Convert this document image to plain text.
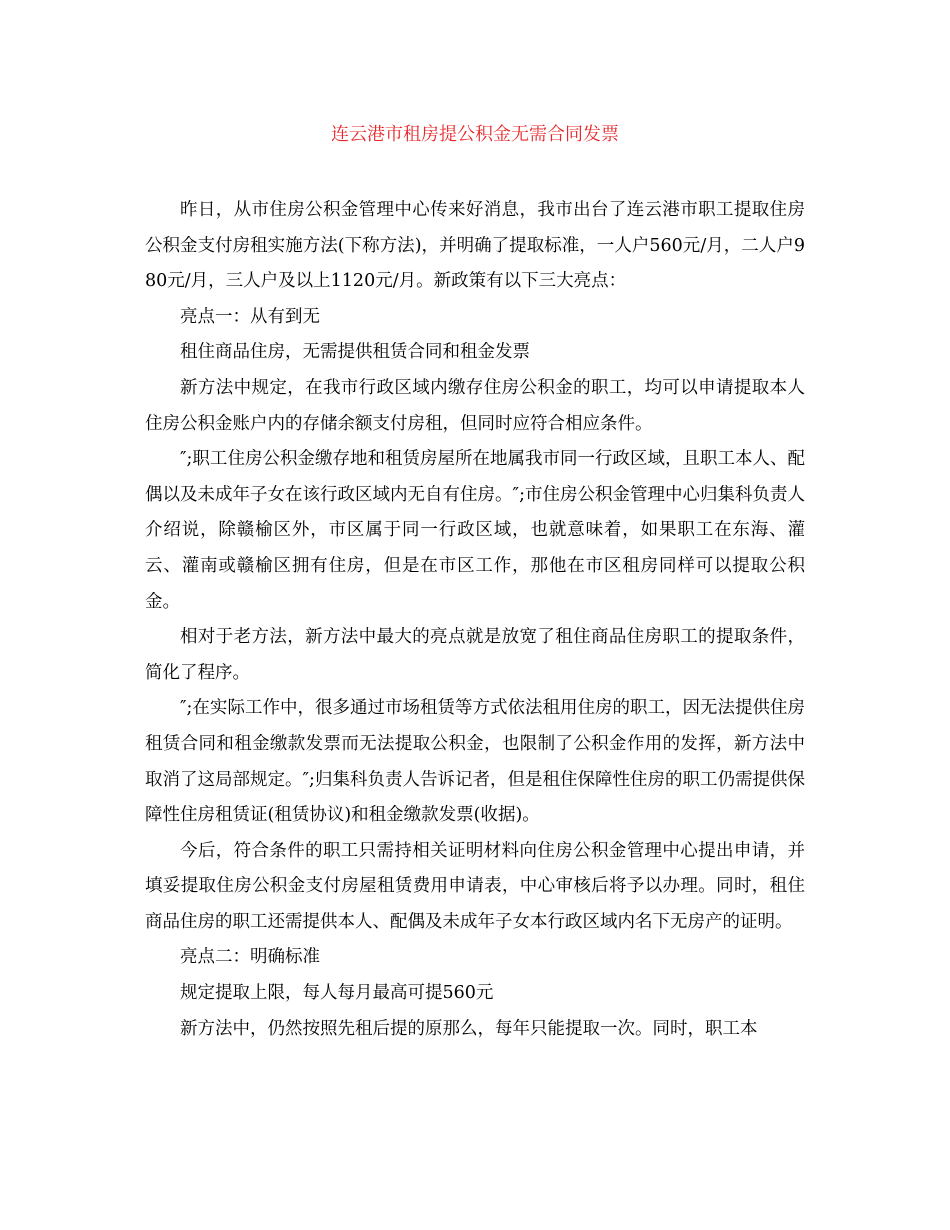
连云港市租房提公积金无需合同发票

昨日，从市住房公积金管理中心传来好消息，我市出台了连云港市职工提取住房公积金支付房租实施方法(下称方法)，并明确了提取标准，一人户560元/月，二人户980元/月，三人户及以上1120元/月。新政策有以下三大亮点：

亮点一：从有到无

租住商品住房，无需提供租赁合同和租金发票

新方法中规定，在我市行政区域内缴存住房公积金的职工，均可以申请提取本人住房公积金账户内的存储余额支付房租，但同时应符合相应条件。

″;职工住房公积金缴存地和租赁房屋所在地属我市同一行政区域，且职工本人、配偶以及未成年子女在该行政区域内无自有住房。″;市住房公积金管理中心归集科负责人介绍说，除赣榆区外，市区属于同一行政区域，也就意味着，如果职工在东海、灌云、灌南或赣榆区拥有住房，但是在市区工作，那他在市区租房同样可以提取公积金。

相对于老方法，新方法中最大的亮点就是放宽了租住商品住房职工的提取条件，简化了程序。

″;在实际工作中，很多通过市场租赁等方式依法租用住房的职工，因无法提供住房租赁合同和租金缴款发票而无法提取公积金，也限制了公积金作用的发挥，新方法中取消了这局部规定。″;归集科负责人告诉记者，但是租住保障性住房的职工仍需提供保障性住房租赁证(租赁协议)和租金缴款发票(收据)。

今后，符合条件的职工只需持相关证明材料向住房公积金管理中心提出申请，并填妥提取住房公积金支付房屋租赁费用申请表，中心审核后将予以办理。同时，租住商品住房的职工还需提供本人、配偶及未成年子女本行政区域内名下无房产的证明。

亮点二：明确标准

规定提取上限，每人每月最高可提560元

新方法中，仍然按照先租后提的原那么，每年只能提取一次。同时，职工本
